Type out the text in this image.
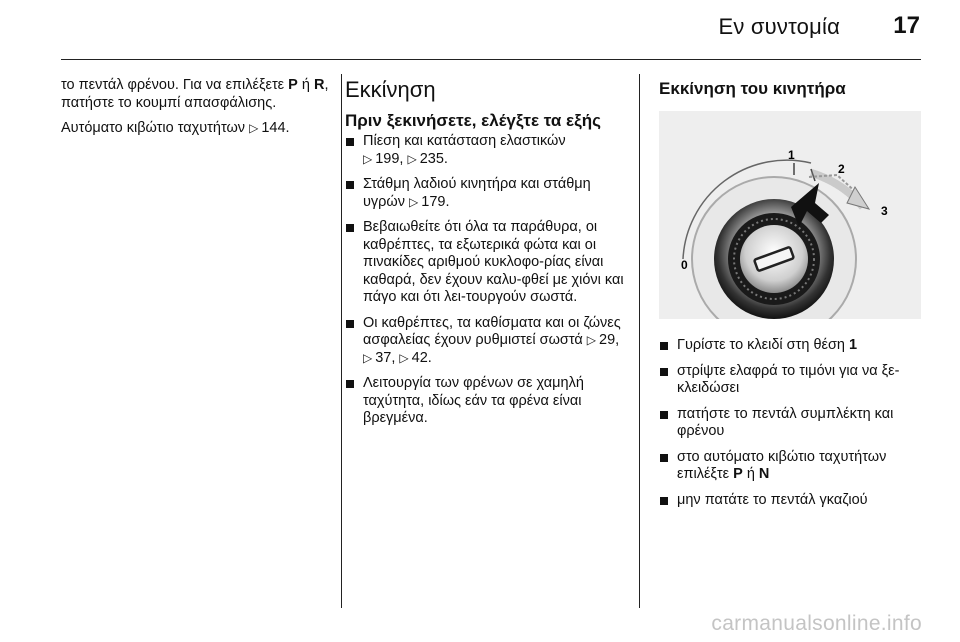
Εν συντομία 17

το πεντάλ φρένου. Για να επιλέξετε P ή R, πατήστε το κουμπί απασφάλισης.

Αυτόματο κιβώτιο ταχυτήτων ▷ 144.

Εκκίνηση
Πριν ξεκινήσετε, ελέγξτε τα εξής
Πίεση και κατάσταση ελαστικών
▷ 199, ▷ 235.
Στάθμη λαδιού κινητήρα και στάθμη υγρών ▷ 179.
Βεβαιωθείτε ότι όλα τα παράθυρα, οι καθρέπτες, τα εξωτερικά φώτα και οι πινακίδες αριθμού κυκλοφο-ρίας είναι καθαρά, δεν έχουν καλυ-φθεί με χιόνι και πάγο και ότι λει-τουργούν σωστά.
Οι καθρέπτες, τα καθίσματα και οι ζώνες ασφαλείας έχουν ρυθμιστεί σωστά ▷ 29, ▷ 37, ▷ 42.
Λειτουργία των φρένων σε χαμηλή ταχύτητα, ιδίως εάν τα φρένα είναι βρεγμένα.
Εκκίνηση του κινητήρα
1
2
3
0
Γυρίστε το κλειδί στη θέση 1
στρίψτε ελαφρά το τιμόνι για να ξε-κλειδώσει
πατήστε το πεντάλ συμπλέκτη και φρένου
στο αυτόματο κιβώτιο ταχυτήτων επιλέξτε P ή N
μην πατάτε το πεντάλ γκαζιού
carmanualsonline.info
